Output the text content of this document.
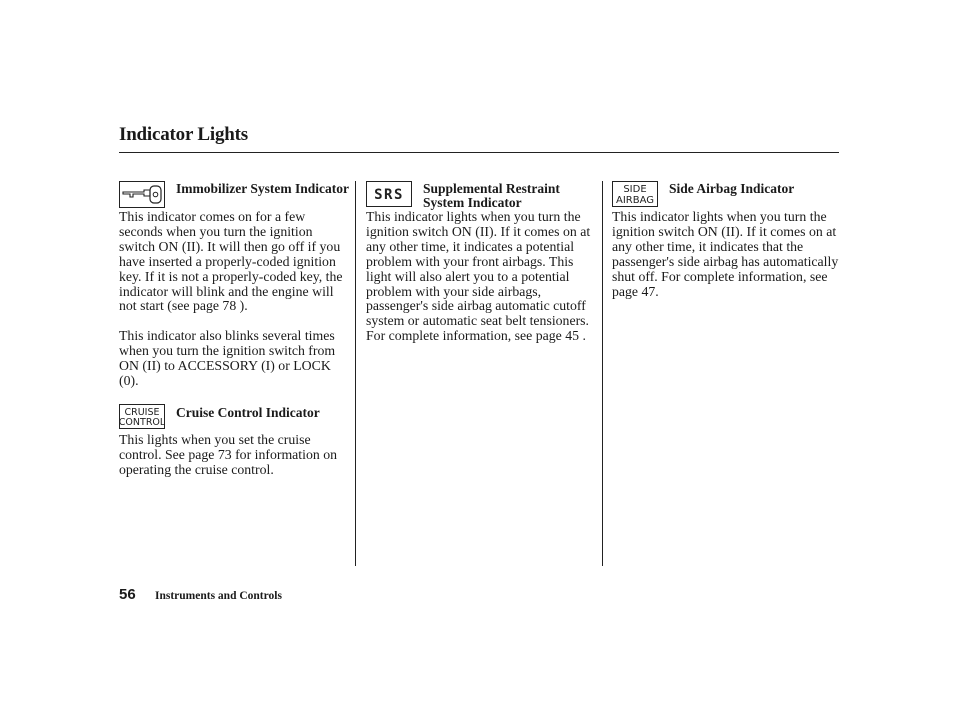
Indicator Lights
Immobilizer System Indicator

This indicator comes on for a few seconds when you turn the ignition switch ON (II). It will then go off if you have inserted a properly-coded ignition key. If it is not a properly-coded key, the indicator will blink and the engine will not start (see page 78 ).

This indicator also blinks several times when you turn the ignition switch from ON (II) to ACCESSORY (I) or LOCK (0).

CRUISE
CONTROL
Cruise Control Indicator

This lights when you set the cruise control. See page 73 for information on operating the cruise control.

SRS Supplemental Restraint System Indicator

This indicator lights when you turn the ignition switch ON (II). If it comes on at any other time, it indicates a potential problem with your front airbags. This light will also alert you to a potential problem with your side airbags, passenger's side airbag automatic cutoff system or automatic seat belt tensioners. For complete information, see page 45 .

SIDE
AIRBAG
Side Airbag Indicator

This indicator lights when you turn the ignition switch ON (II). If it comes on at any other time, it indicates that the passenger's side airbag has automatically shut off. For complete information, see page 47.

56 Instruments and Controls
